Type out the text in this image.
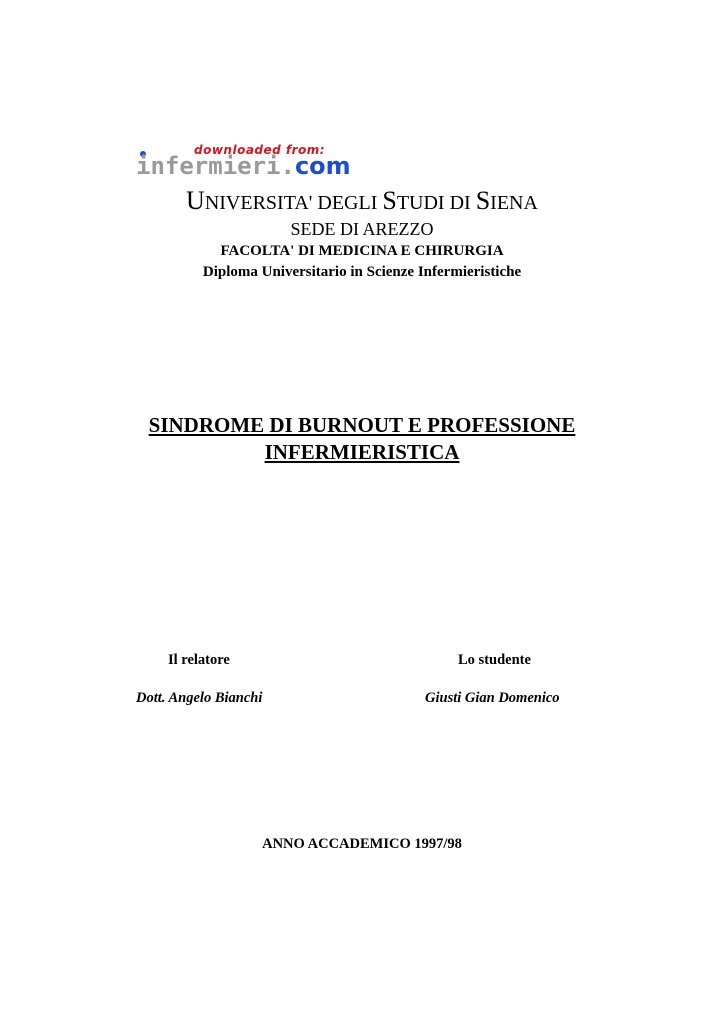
downloaded from:
infermieri.com
UNIVERSITA' DEGLI STUDI DI SIENA
SEDE DI AREZZO
FACOLTA' DI MEDICINA E CHIRURGIA
Diploma Universitario in Scienze Infermieristiche
SINDROME DI BURNOUT E PROFESSIONE
INFERMIERISTICA
Il relatore	Lo studente
Dott. Angelo Bianchi	Giusti Gian Domenico
ANNO ACCADEMICO 1997/98
